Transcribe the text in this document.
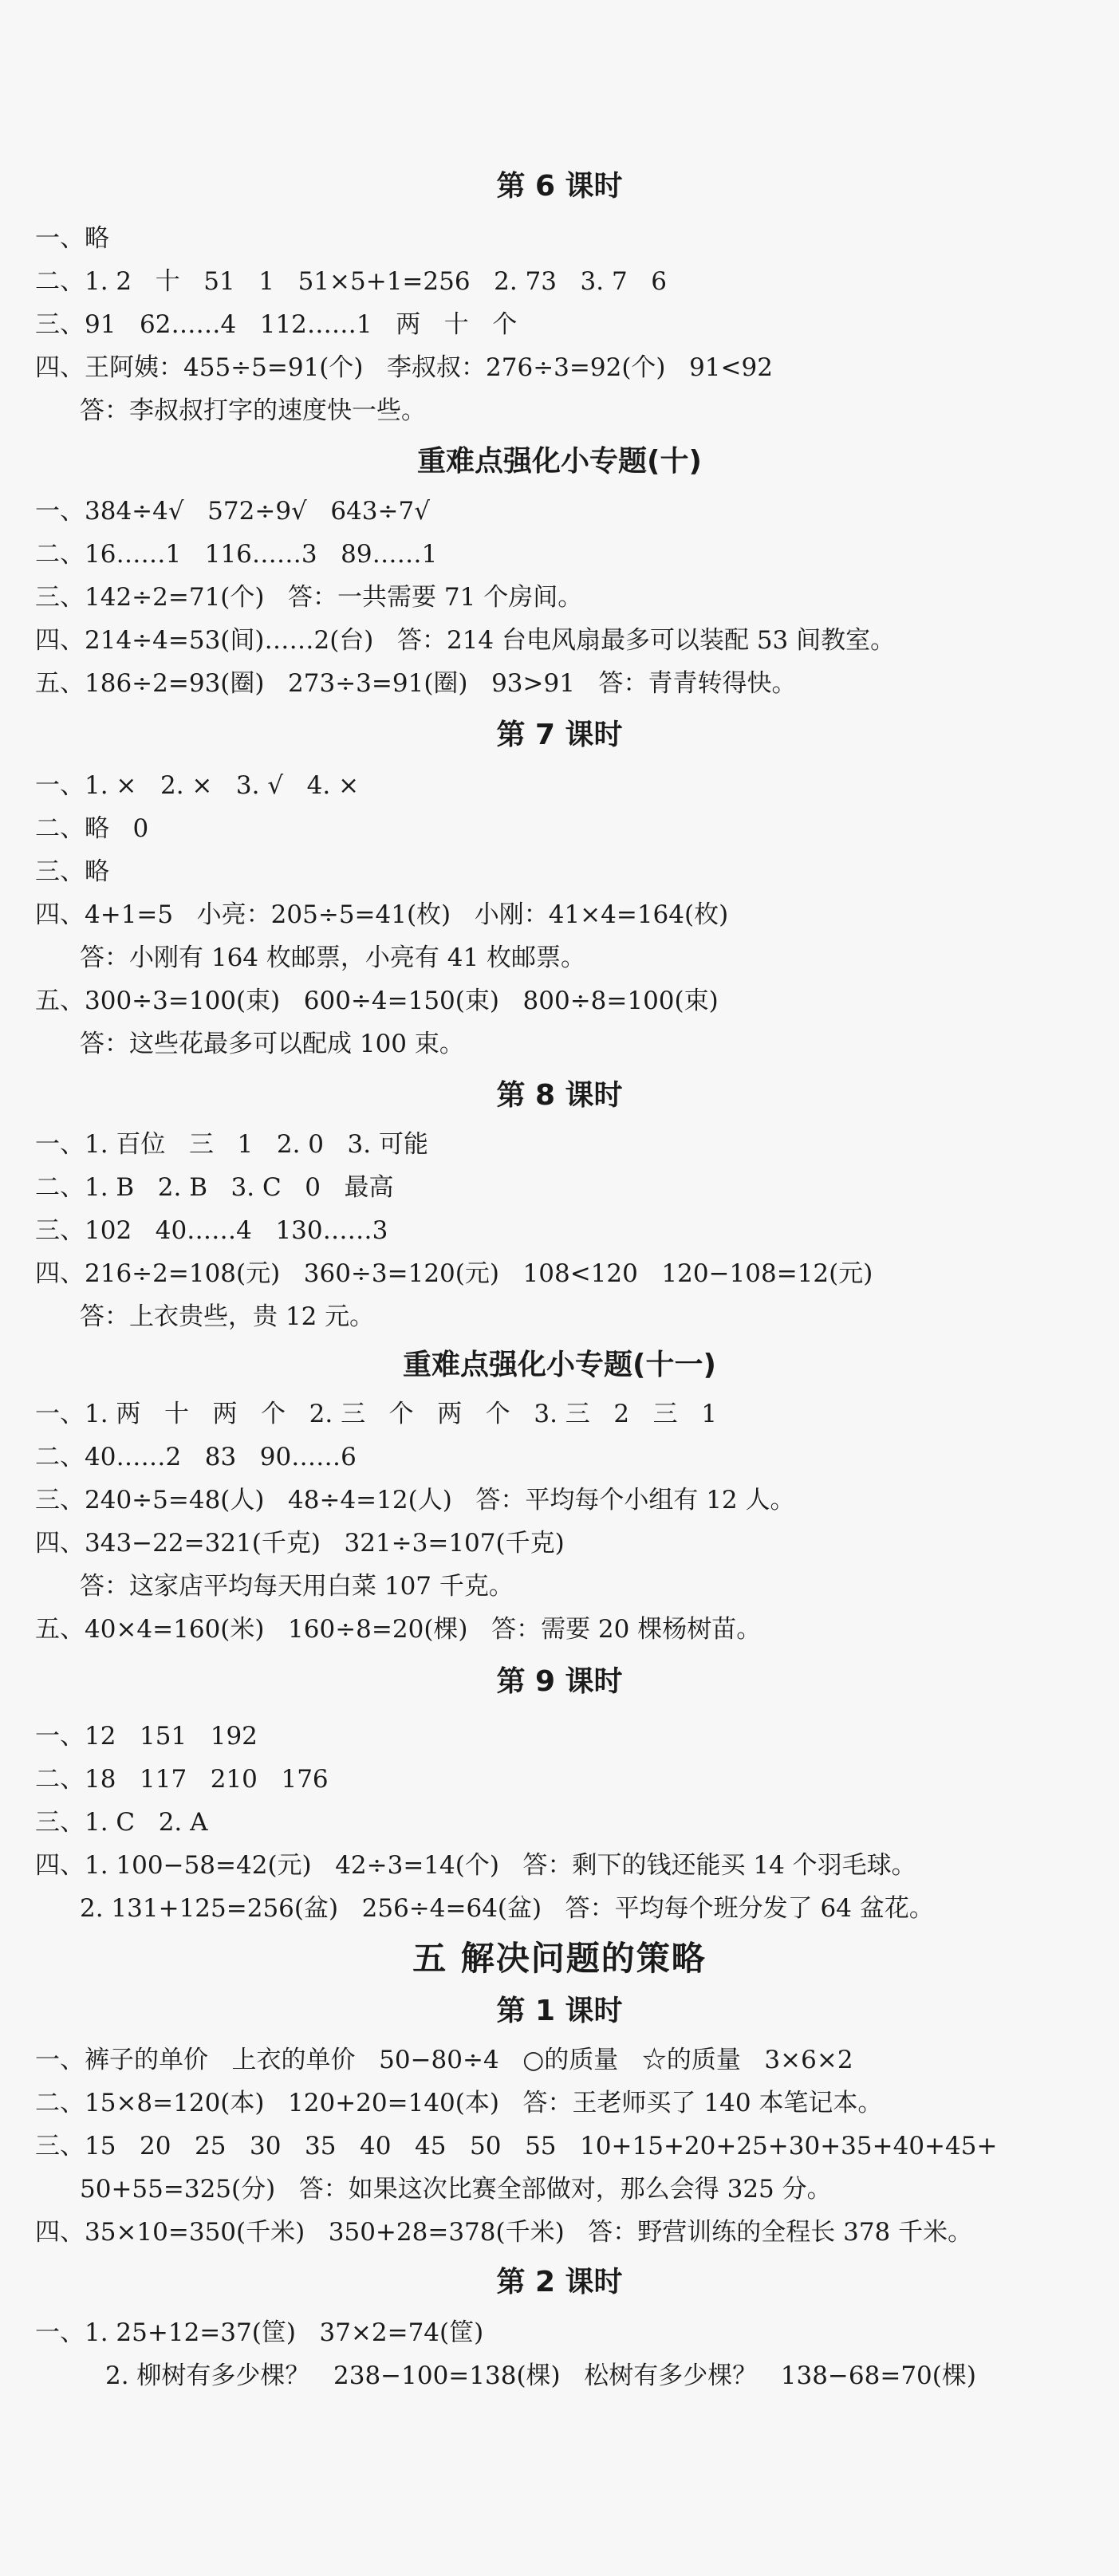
第 6 课时
一、略
二、1. 2   十   51   1   51×5+1=256   2. 73   3. 7   6
三、91   62……4   112……1   两   十   个
四、王阿姨：455÷5=91(个)   李叔叔：276÷3=92(个)   91<92
答：李叔叔打字的速度快一些。
重难点强化小专题(十)
一、384÷4√   572÷9√   643÷7√
二、16……1   116……3   89……1
三、142÷2=71(个)   答：一共需要 71 个房间。
四、214÷4=53(间)……2(台)   答：214 台电风扇最多可以装配 53 间教室。
五、186÷2=93(圈)   273÷3=91(圈)   93>91   答：青青转得快。
第 7 课时
一、1. ×   2. ×   3. √   4. ×
二、略   0
三、略
四、4+1=5   小亮：205÷5=41(枚)   小刚：41×4=164(枚)
答：小刚有 164 枚邮票，小亮有 41 枚邮票。
五、300÷3=100(束)   600÷4=150(束)   800÷8=100(束)
答：这些花最多可以配成 100 束。
第 8 课时
一、1. 百位   三   1   2. 0   3. 可能
二、1. B   2. B   3. C   0   最高
三、102   40……4   130……3
四、216÷2=108(元)   360÷3=120(元)   108<120   120−108=12(元)
答：上衣贵些，贵 12 元。
重难点强化小专题(十一)
一、1. 两   十   两   个   2. 三   个   两   个   3. 三   2   三   1
二、40……2   83   90……6
三、240÷5=48(人)   48÷4=12(人)   答：平均每个小组有 12 人。
四、343−22=321(千克)   321÷3=107(千克)
答：这家店平均每天用白菜 107 千克。
五、40×4=160(米)   160÷8=20(棵)   答：需要 20 棵杨树苗。
第 9 课时
一、12   151   192
二、18   117   210   176
三、1. C   2. A
四、1. 100−58=42(元)   42÷3=14(个)   答：剩下的钱还能买 14 个羽毛球。
2. 131+125=256(盆)   256÷4=64(盆)   答：平均每个班分发了 64 盆花。
五 解决问题的策略
第 1 课时
一、裤子的单价   上衣的单价   50−80÷4   ○的质量   ☆的质量   3×6×2
二、15×8=120(本)   120+20=140(本)   答：王老师买了 140 本笔记本。
三、15   20   25   30   35   40   45   50   55   10+15+20+25+30+35+40+45+
50+55=325(分)   答：如果这次比赛全部做对，那么会得 325 分。
四、35×10=350(千米)   350+28=378(千米)   答：野营训练的全程长 378 千米。
第 2 课时
一、1. 25+12=37(筐)   37×2=74(筐)
2. 柳树有多少棵？   238−100=138(棵)   松树有多少棵？   138−68=70(棵)
